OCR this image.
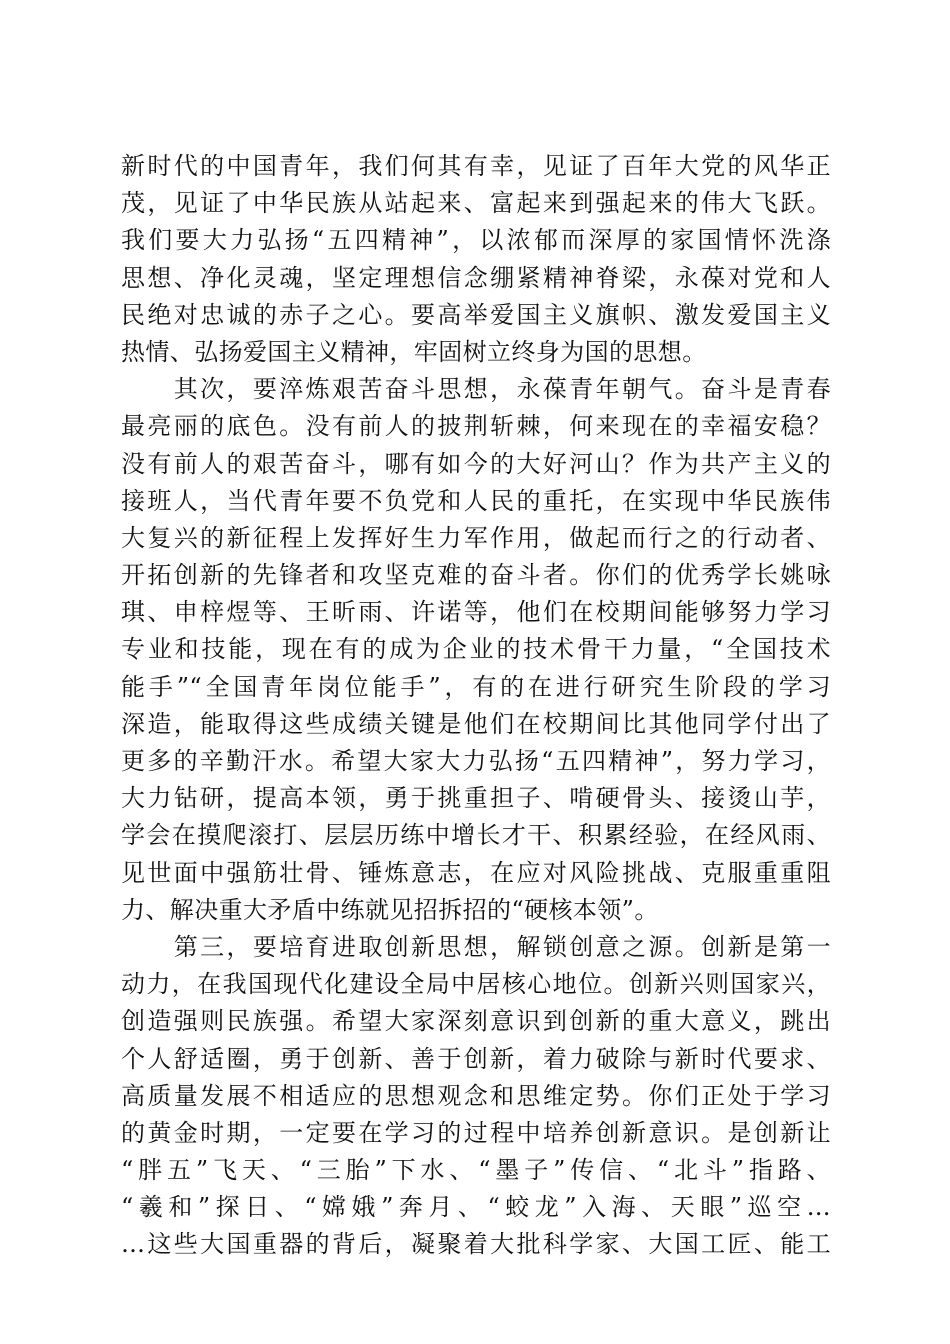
新时代的中国青年，我们何其有幸，见证了百年大党的风华正
茂，见证了中华民族从站起来、富起来到强起来的伟大飞跃。
我们要大力弘扬“五四精神”，以浓郁而深厚的家国情怀洗涤
思想、净化灵魂，坚定理想信念绷紧精神脊梁，永葆对党和人
民绝对忠诚的赤子之心。要高举爱国主义旗帜、激发爱国主义
热情、弘扬爱国主义精神，牢固树立终身为国的思想。
　　其次，要淬炼艰苦奋斗思想，永葆青年朝气。奋斗是青春
最亮丽的底色。没有前人的披荆斩棘，何来现在的幸福安稳？
没有前人的艰苦奋斗，哪有如今的大好河山？作为共产主义的
接班人，当代青年要不负党和人民的重托，在实现中华民族伟
大复兴的新征程上发挥好生力军作用，做起而行之的行动者、
开拓创新的先锋者和攻坚克难的奋斗者。你们的优秀学长姚咏
琪、申梓煜等、王昕雨、许诺等，他们在校期间能够努力学习
专业和技能，现在有的成为企业的技术骨干力量，“全国技术
能手”“全国青年岗位能手”，有的在进行研究生阶段的学习
深造，能取得这些成绩关键是他们在校期间比其他同学付出了
更多的辛勤汗水。希望大家大力弘扬“五四精神”，努力学习，
大力钻研，提高本领，勇于挑重担子、啃硬骨头、接烫山芋，
学会在摸爬滚打、层层历练中增长才干、积累经验，在经风雨、
见世面中强筋壮骨、锤炼意志，在应对风险挑战、克服重重阻
力、解决重大矛盾中练就见招拆招的“硬核本领”。
　　第三，要培育进取创新思想，解锁创意之源。创新是第一
动力，在我国现代化建设全局中居核心地位。创新兴则国家兴，
创造强则民族强。希望大家深刻意识到创新的重大意义，跳出
个人舒适圈，勇于创新、善于创新，着力破除与新时代要求、
高质量发展不相适应的思想观念和思维定势。你们正处于学习
的黄金时期，一定要在学习的过程中培养创新意识。是创新让
“胖五”飞天、“三胎”下水、“墨子”传信、“北斗”指路、
“羲和”探日、“嫦娥”奔月、“蛟龙”入海、天眼”巡空…
…这些大国重器的背后，凝聚着大批科学家、大国工匠、能工
